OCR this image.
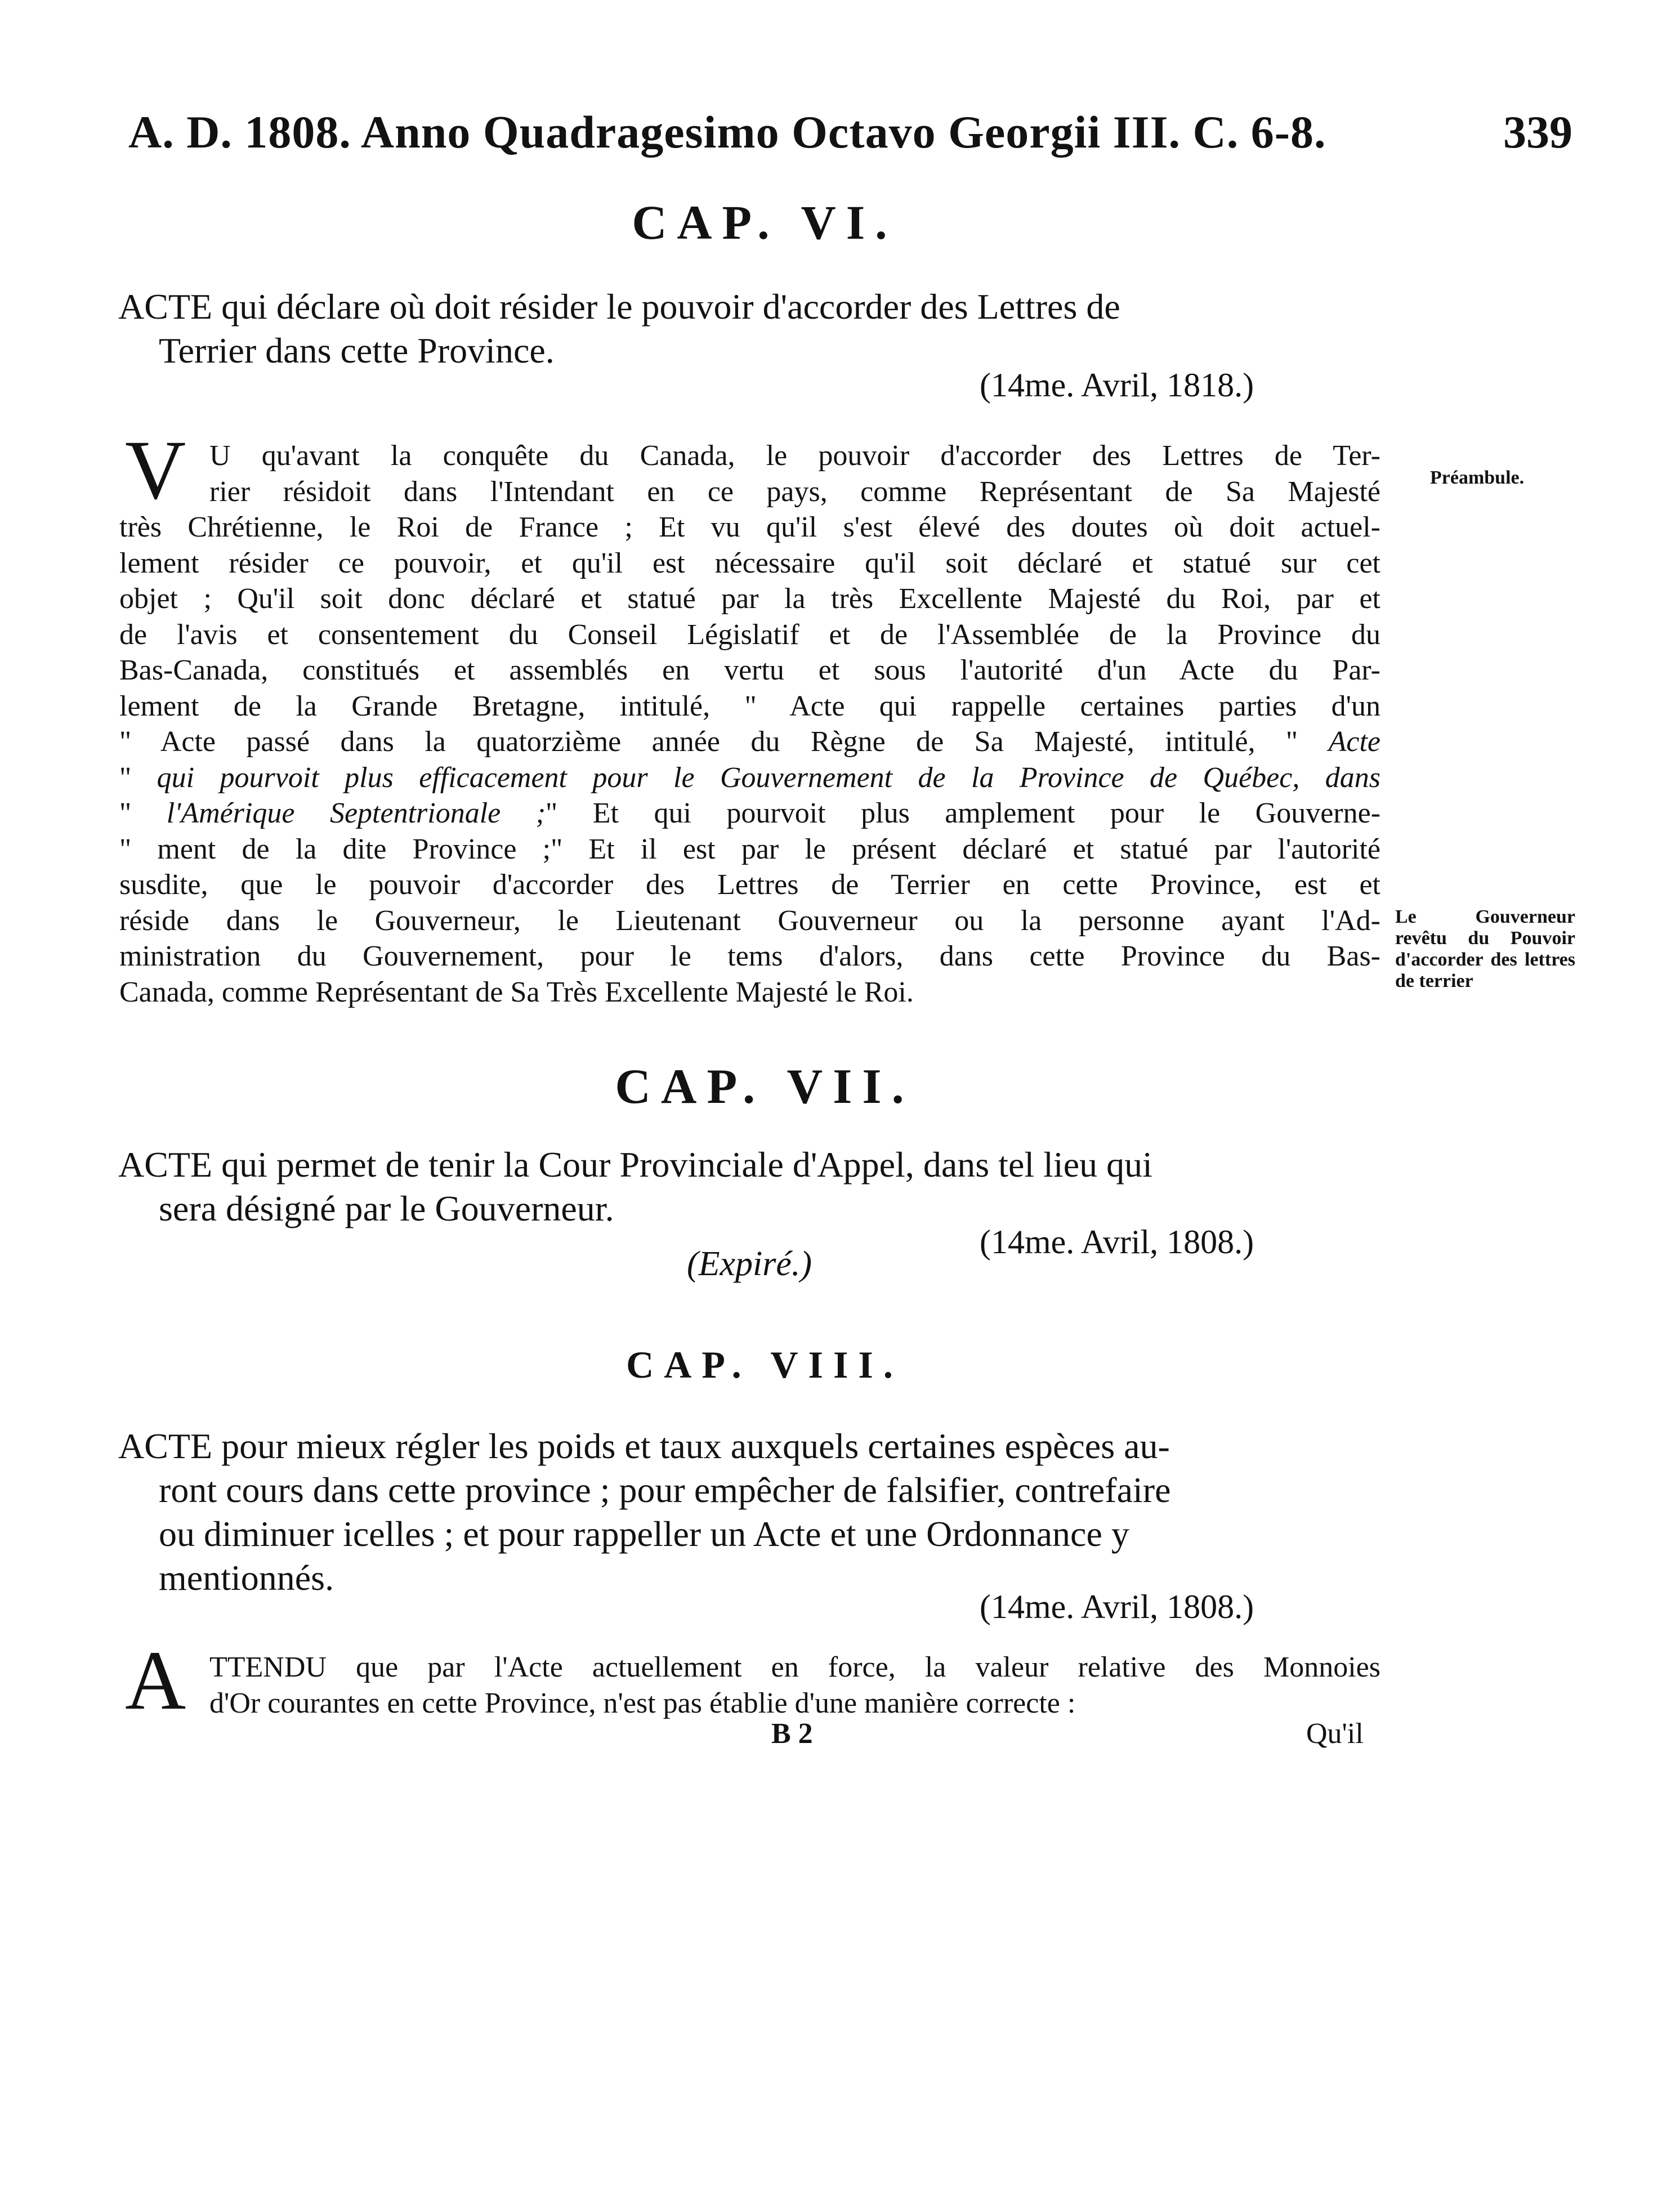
A. D. 1808. Anno Quadragesimo Octavo Georgii III. C. 6-8.	339
CAP. VI.
ACTE qui déclare où doit résider le pouvoir d'accorder des Lettres de
Terrier dans cette Province.
(14me. Avril, 1818.)
V U qu'avant la conquête du Canada, le pouvoir d'accorder des Lettres de Ter-
rier résidoit dans l'Intendant en ce pays, comme Représentant de Sa Majesté
très Chrétienne, le Roi de France ; Et vu qu'il s'est élevé des doutes où doit actuel-
lement résider ce pouvoir, et qu'il est nécessaire qu'il soit déclaré et statué sur cet
objet ; Qu'il soit donc déclaré et statué par la très Excellente Majesté du Roi, par et
de l'avis et consentement du Conseil Législatif et de l'Assemblée de la Province du
Bas-Canada, constitués et assemblés en vertu et sous l'autorité d'un Acte du Par-
lement de la Grande Bretagne, intitulé, " Acte qui rappelle certaines parties d'un
" Acte passé dans la quatorzième année du Règne de Sa Majesté, intitulé, " Acte
" qui pourvoit plus efficacement pour le Gouvernement de la Province de Québec, dans
" l'Amérique Septentrionale ;" Et qui pourvoit plus amplement pour le Gouverne-
" ment de la dite Province ;" Et il est par le présent déclaré et statué par l'autorité
susdite, que le pouvoir d'accorder des Lettres de Terrier en cette Province, est et
réside dans le Gouverneur, le Lieutenant Gouverneur ou la personne ayant l'Ad-
ministration du Gouvernement, pour le tems d'alors, dans cette Province du Bas-
Canada, comme Représentant de Sa Très Excellente Majesté le Roi.
Préambule.
Le Gouverneur revêtu du Pouvoir d'accorder des lettres de terrier
CAP. VII.
ACTE qui permet de tenir la Cour Provinciale d'Appel, dans tel lieu qui
sera désigné par le Gouverneur.
(14me. Avril, 1808.)
(Expiré.)
CAP. VIII.
ACTE pour mieux régler les poids et taux auxquels certaines espèces au-
ront cours dans cette province ; pour empêcher de falsifier, contrefaire
ou diminuer icelles ; et pour rappeller un Acte et une Ordonnance y
mentionnés.
(14me. Avril, 1808.)
A TTENDU que par l'Acte actuellement en force, la valeur relative des Monnoies
d'Or courantes en cette Province, n'est pas établie d'une manière correcte :
B 2	Qu'il
